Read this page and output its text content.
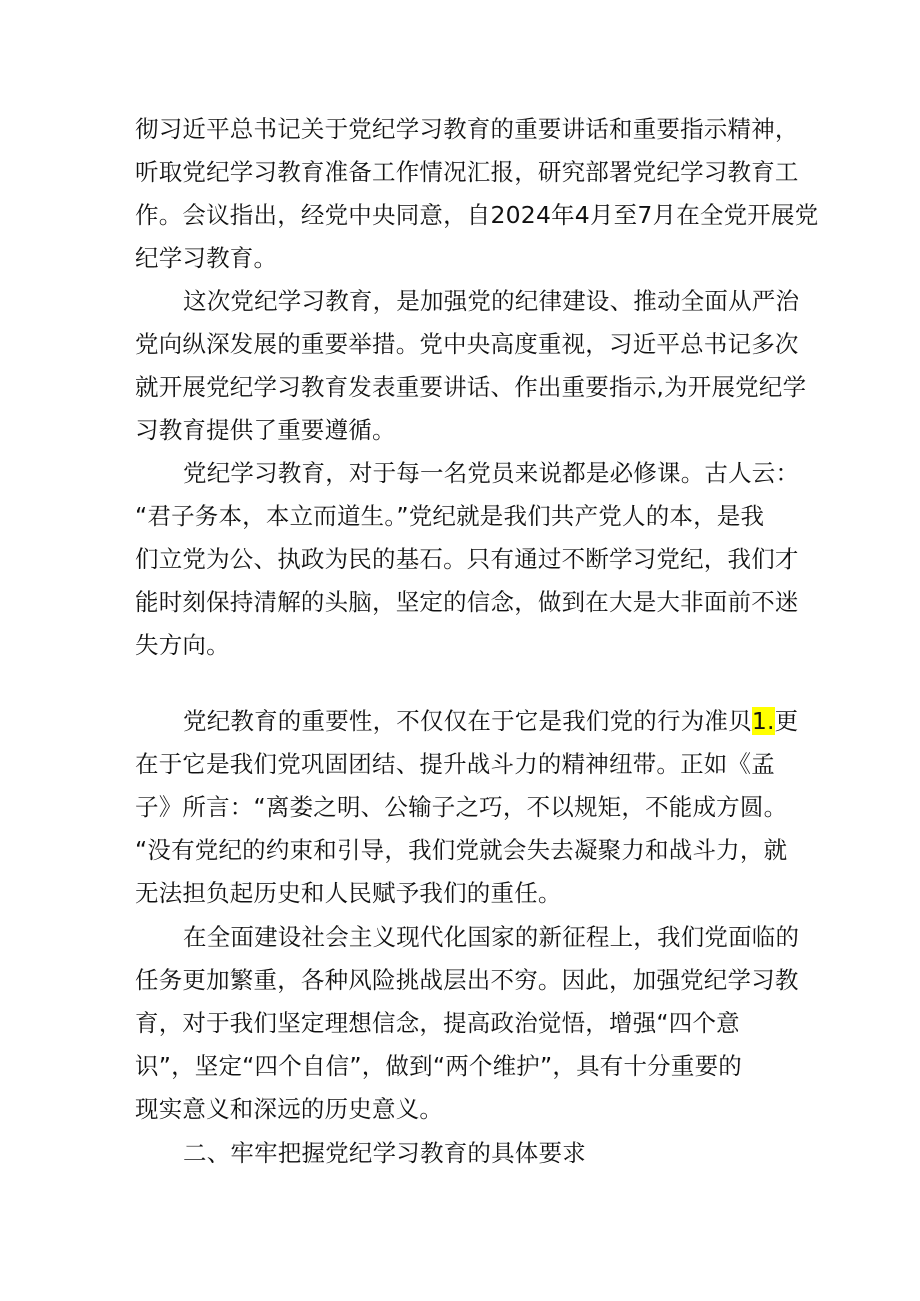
彻习近平总书记关于党纪学习教育的重要讲话和重要指示精神，

听取党纪学习教育准备工作情况汇报，研究部署党纪学习教育工

作。会议指出，经党中央同意，自2024年4月至7月在全党开展党

纪学习教育。

这次党纪学习教育，是加强党的纪律建设、推动全面从严治

党向纵深发展的重要举措。党中央高度重视，习近平总书记多次

就开展党纪学习教育发表重要讲话、作出重要指示,为开展党纪学

习教育提供了重要遵循。

党纪学习教育，对于每一名党员来说都是必修课。古人云：

“君子务本，本立而道生。”党纪就是我们共产党人的本，是我

们立党为公、执政为民的基石。只有通过不断学习党纪，我们才

能时刻保持清解的头脑，坚定的信念，做到在大是大非面前不迷

失方向。

党纪教育的重要性，不仅仅在于它是我们党的行为准贝1.更

在于它是我们党巩固团结、提升战斗力的精神纽带。正如《孟

子》所言：“离娄之明、公输子之巧，不以规矩，不能成方圆。

“没有党纪的约束和引导，我们党就会失去凝聚力和战斗力，就

无法担负起历史和人民赋予我们的重任。

在全面建设社会主义现代化国家的新征程上，我们党面临的

任务更加繁重，各种风险挑战层出不穷。因此，加强党纪学习教

育，对于我们坚定理想信念，提高政治觉悟，增强“四个意

识”，坚定“四个自信”，做到“两个维护”，具有十分重要的

现实意义和深远的历史意义。

二、牢牢把握党纪学习教育的具体要求
